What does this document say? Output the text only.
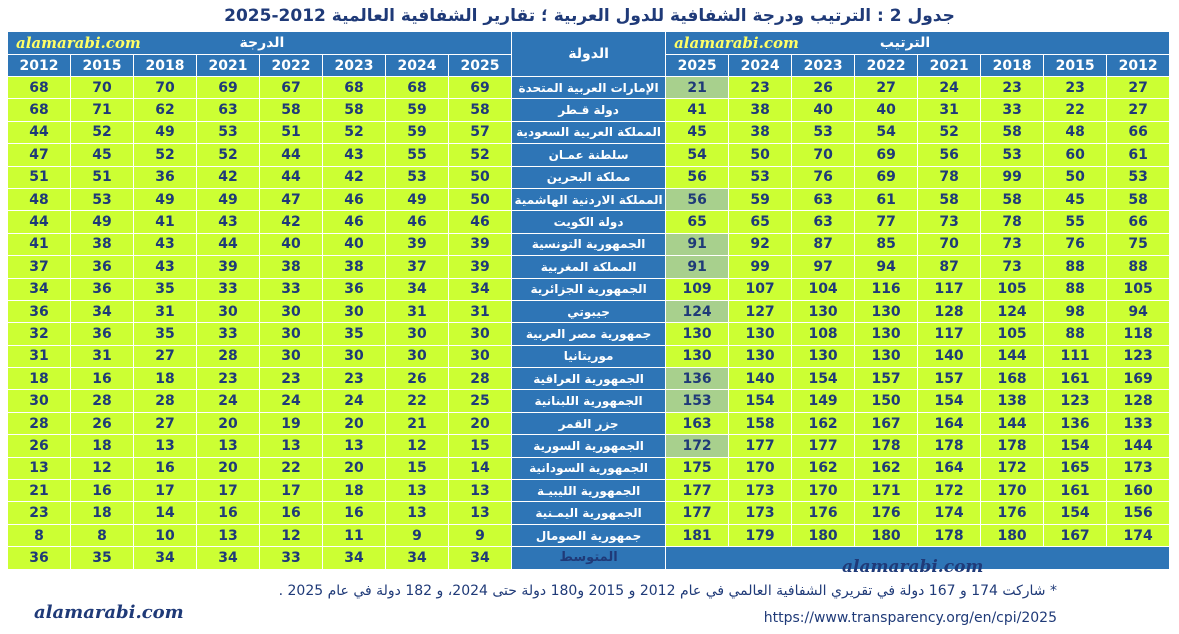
جدول 2 : الترتيب ودرجة الشفافية للدول العربية ؛ تقارير الشفافية العالمية 2012-2025
alamarabi.com الدرجة								الدولة	alamarabi.com الترتيب							

2012	2015	2018	2021	2022	2023	2024	2025		2025	2024	2023	2022	2021	2018	2015	2012
68	70	70	69	67	68	68	69	الإمارات العربية المتحدة	21	23	26	27	24	23	23	27
68	71	62	63	58	58	59	58	دولة قـطر	41	38	40	40	31	33	22	27
44	52	49	53	51	52	59	57	المملكة العربية السعودية	45	38	53	54	52	58	48	66
47	45	52	52	44	43	55	52	سلطنة عمـان	54	50	70	69	56	53	60	61
51	51	36	42	44	42	53	50	مملكة البحرين	56	53	76	69	78	99	50	53
48	53	49	49	47	46	49	50	المملكة الاردنية الهاشمية	56	59	63	61	58	58	45	58
44	49	41	43	42	46	46	46	دولة الكويت	65	65	63	77	73	78	55	66
41	38	43	44	40	40	39	39	الجمهورية التونسية	91	92	87	85	70	73	76	75
37	36	43	39	38	38	37	39	المملكة المغربية	91	99	97	94	87	73	88	88
34	36	35	33	33	36	34	34	الجمهورية الجزائرية	109	107	104	116	117	105	88	105
36	34	31	30	30	30	31	31	جيبوتي	124	127	130	130	128	124	98	94
32	36	35	33	30	35	30	30	جمهورية مصر العربية	130	130	108	130	117	105	88	118
31	31	27	28	30	30	30	30	موريتانيا	130	130	130	130	140	144	111	123
18	16	18	23	23	23	26	28	الجمهورية العراقية	136	140	154	157	157	168	161	169
30	28	28	24	24	24	22	25	الجمهورية اللبنانية	153	154	149	150	154	138	123	128
28	26	27	20	19	20	21	20	جزر القمر	163	158	162	167	164	144	136	133
26	18	13	13	13	13	12	15	الجمهورية السورية	172	177	177	178	178	178	154	144
13	12	16	20	22	20	15	14	الجمهورية السودانية	175	170	162	162	164	172	165	173
21	16	17	17	17	18	13	13	الجمهورية الليبيـة	177	173	170	171	172	170	161	160
23	18	14	16	16	16	13	13	الجمهورية اليمـنية	177	173	176	176	174	176	154	156
8	8	10	13	12	11	9	9	جمهورية الصومال	181	179	180	180	178	180	167	174
36	35	34	34	33	34	34	34	المتوسط									alamarabi.com
* شاركت 174 و 167 دولة في تقريري الشفافية العالمي في عام 2012 و 2015 و180 دولة حتى 2024، و 182 دولة في عام 2025 .
alamarabi.com	https://www.transparency.org/en/cpi/2025
